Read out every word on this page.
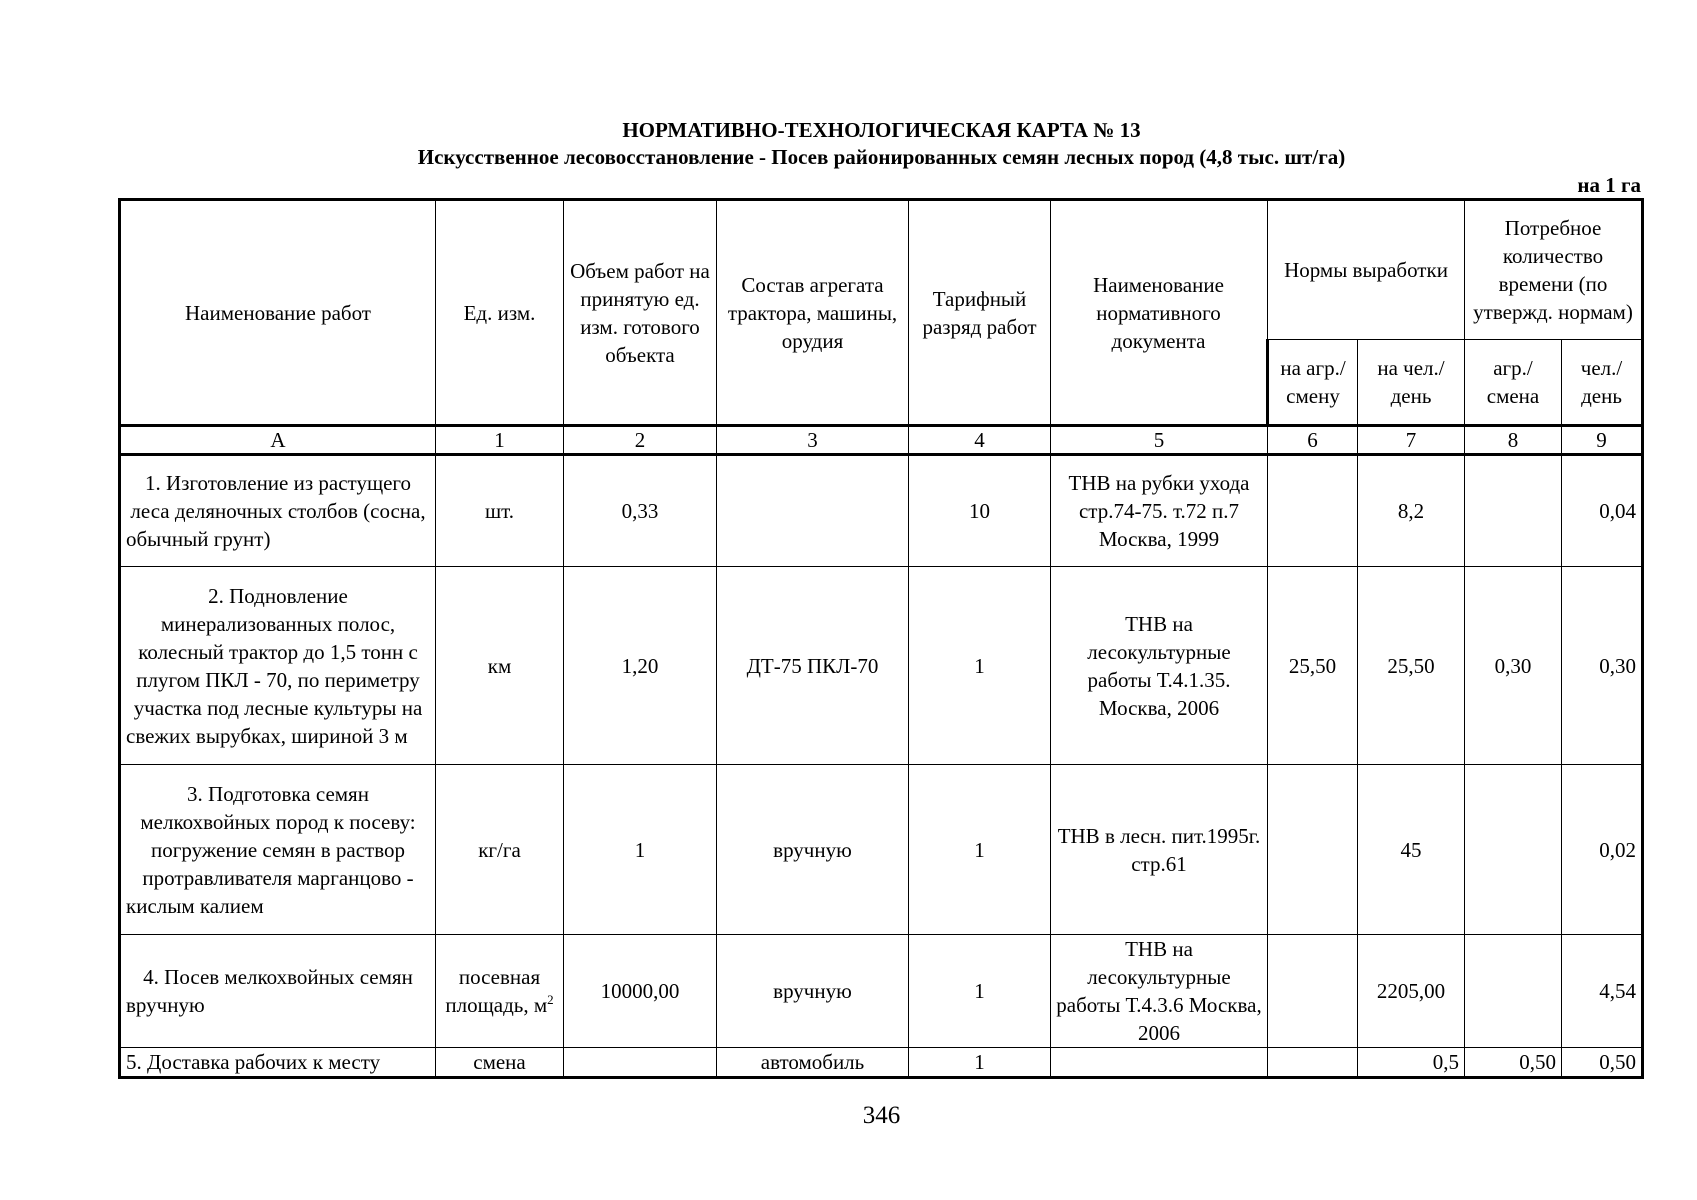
НОРМАТИВНО-ТЕХНОЛОГИЧЕСКАЯ КАРТА № 13
Искусственное лесовосстановление - Посев районированных семян лесных пород (4,8 тыс. шт/га)
на 1 га
Наименование работ	Ед. изм.	Объем работ на принятую ед. изм. готового объекта	Состав агрегата трактора, машины, орудия	Тарифный разряд работ	Наименование нормативного документа	Нормы выработки		Потребное количество времени (по утвержд. нормам)	
						на агр./ смену	на чел./ день	агр./ смена	чел./ день
А	1	2	3	4	5	6	7	8	9
1. Изготовление из растущего леса деляночных столбов (сосна, обычный грунт)	шт.	0,33		10	ТНВ на рубки ухода стр.74-75. т.72 п.7 Москва, 1999		8,2		0,04
2. Подновление минерализованных полос, колесный трактор до 1,5 тонн с плугом ПКЛ - 70, по периметру участка под лесные культуры на свежих вырубках, шириной 3 м	км	1,20	ДТ-75 ПКЛ-70	1	ТНВ на лесокультурные работы Т.4.1.35. Москва, 2006	25,50	25,50	0,30	0,30
3. Подготовка семян мелкохвойных пород к посеву: погружение семян в раствор протравливателя марганцово - кислым калием	кг/га	1	вручную	1	ТНВ в лесн. пит.1995г. стр.61		45		0,02
4. Посев мелкохвойных семян вручную	посевная площадь, $м^2$	10000,00	вручную	1	ТНВ на лесокультурные работы Т.4.3.6 Москва, 2006		2205,00		4,54
5. Доставка рабочих к месту	смена		автомобиль	1			0,5	0,50	0,50
346
